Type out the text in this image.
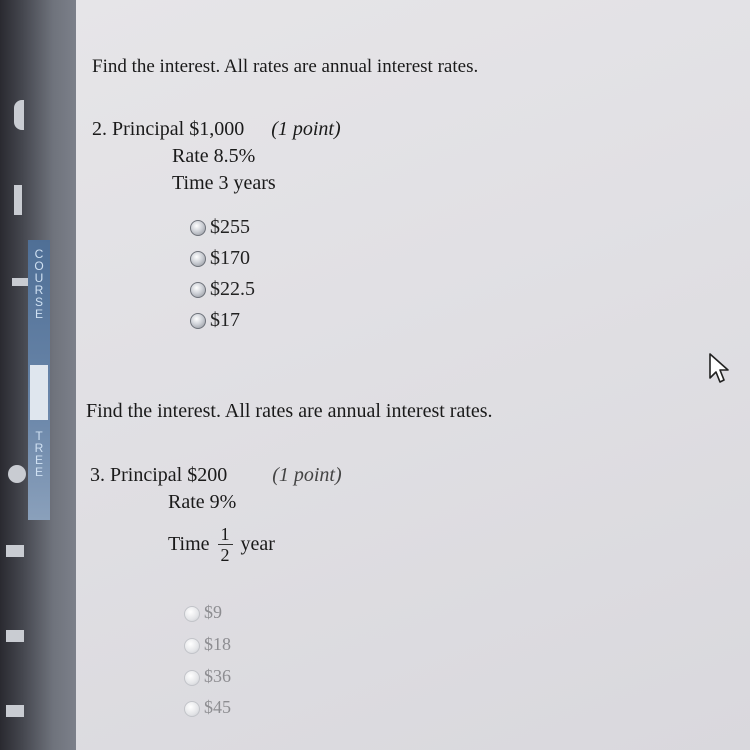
C
O
U
R
S
E
T
R
E
E
Find the interest. All rates are annual interest rates.
2. Principal $1,000 (1 point)
Rate 8.5%
Time 3 years
$255
$170
$22.5
$17
Find the interest. All rates are annual interest rates.
3. Principal $200 (1 point)
Rate 9%
Time $\frac{1}{2}$ year
$9
$18
$36
$45
